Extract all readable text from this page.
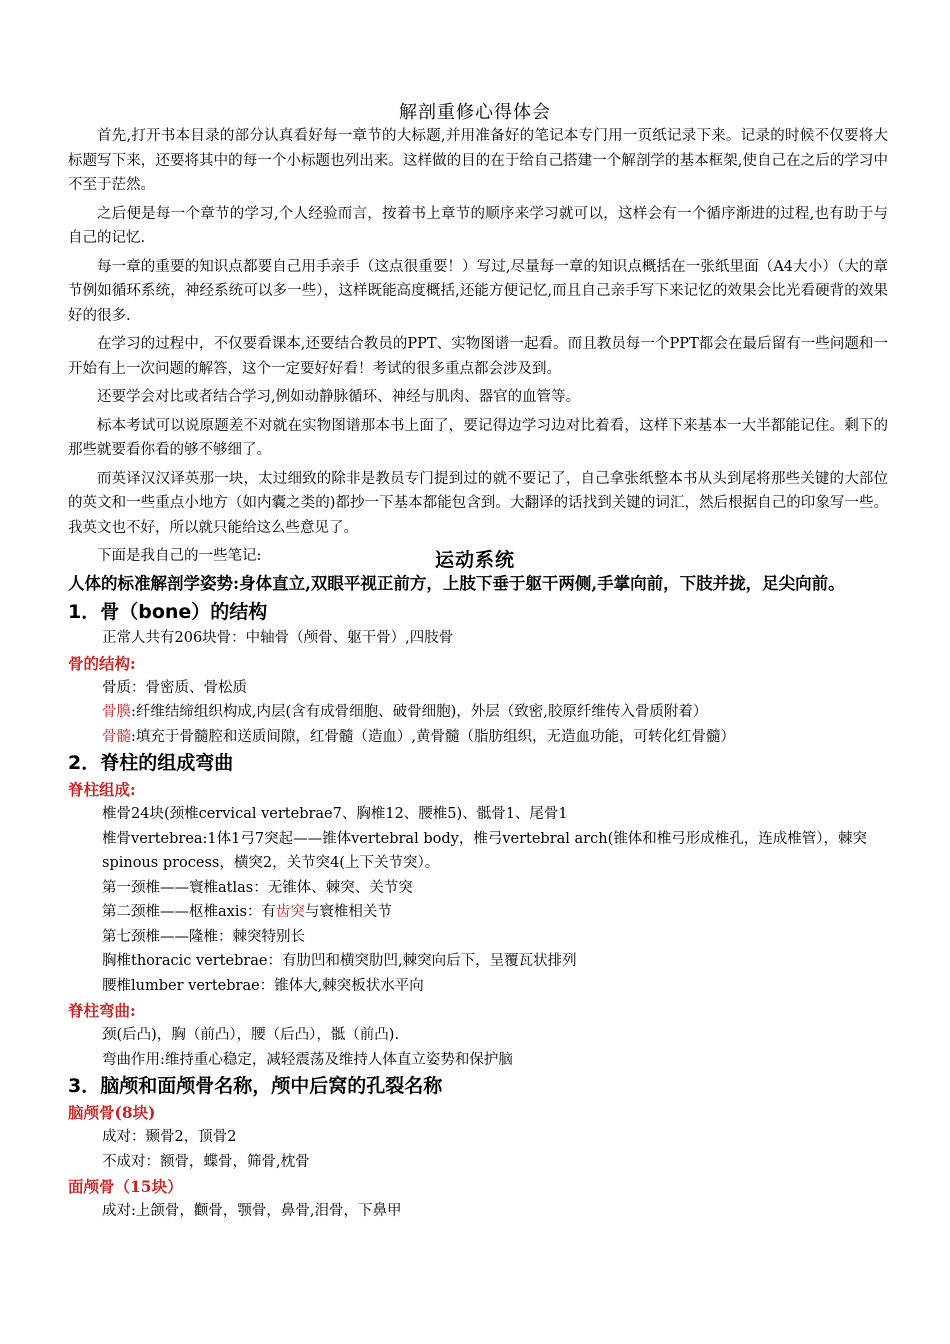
解剖重修心得体会

首先,打开书本目录的部分认真看好每一章节的大标题,并用准备好的笔记本专门用一页纸记录下来。记录的时候不仅要将大标题写下来，还要将其中的每一个小标题也列出来。这样做的目的在于给自己搭建一个解剖学的基本框架,使自己在之后的学习中不至于茫然。

之后便是每一个章节的学习,个人经验而言，按着书上章节的顺序来学习就可以，这样会有一个循序渐进的过程,也有助于与自己的记忆.

每一章的重要的知识点都要自己用手亲手（这点很重要！）写过,尽量每一章的知识点概括在一张纸里面（A4大小）（大的章节例如循环系统，神经系统可以多一些），这样既能高度概括,还能方便记忆,而且自己亲手写下来记忆的效果会比光看硬背的效果好的很多.

在学习的过程中，不仅要看课本,还要结合教员的PPT、实物图谱一起看。而且教员每一个PPT都会在最后留有一些问题和一开始有上一次问题的解答，这个一定要好好看！考试的很多重点都会涉及到。

还要学会对比或者结合学习,例如动静脉循环、神经与肌肉、器官的血管等。

标本考试可以说原题差不对就在实物图谱那本书上面了，要记得边学习边对比着看，这样下来基本一大半都能记住。剩下的那些就要看你看的够不够细了。

而英译汉汉译英那一块，太过细致的除非是教员专门提到过的就不要记了，自己拿张纸整本书从头到尾将那些关键的大部位的英文和一些重点小地方（如内囊之类的)都抄一下基本都能包含到。大翻译的话找到关键的词汇，然后根据自己的印象写一些。我英文也不好，所以就只能给这么些意见了。

下面是我自己的一些笔记:	运动系统

人体的标准解剖学姿势:身体直立,双眼平视正前方，上肢下垂于躯干两侧,手掌向前，下肢并拢，足尖向前。

1．骨（bone）的结构

正常人共有206块骨：中轴骨（颅骨、躯干骨）,四肢骨

骨的结构:

骨质：骨密质、骨松质

骨膜:纤维结缔组织构成,内层(含有成骨细胞、破骨细胞)，外层（致密,胶原纤维传入骨质附着）

骨髓:填充于骨髓腔和送质间隙，红骨髓（造血）,黄骨髓（脂肪组织，无造血功能，可转化红骨髓）

2．脊柱的组成弯曲
脊柱组成:

椎骨24块(颈椎cervical vertebrae7、胸椎12、腰椎5)、骶骨1、尾骨1

椎骨vertebrea:1体1弓7突起——锥体vertebral body，椎弓vertebral arch(锥体和椎弓形成椎孔，连成椎管），棘突spinous process，横突2，关节突4(上下关节突）。

第一颈椎——寰椎atlas：无锥体、棘突、关节突

第二颈椎——枢椎axis：有齿突与寰椎相关节

第七颈椎——隆椎：棘突特别长

胸椎thoracic vertebrae：有肋凹和横突肋凹,棘突向后下，呈覆瓦状排列

腰椎lumber vertebrae：锥体大,棘突板状水平向

脊柱弯曲:

颈(后凸)，胸（前凸），腰（后凸），骶（前凸).

弯曲作用:维持重心稳定，减轻震荡及维持人体直立姿势和保护脑

3．脑颅和面颅骨名称，颅中后窝的孔裂名称
脑颅骨(8块)

成对：颞骨2，顶骨2

不成对：额骨，蝶骨，筛骨,枕骨

面颅骨（15块）

成对:上颌骨，颧骨，颚骨，鼻骨,泪骨，下鼻甲
